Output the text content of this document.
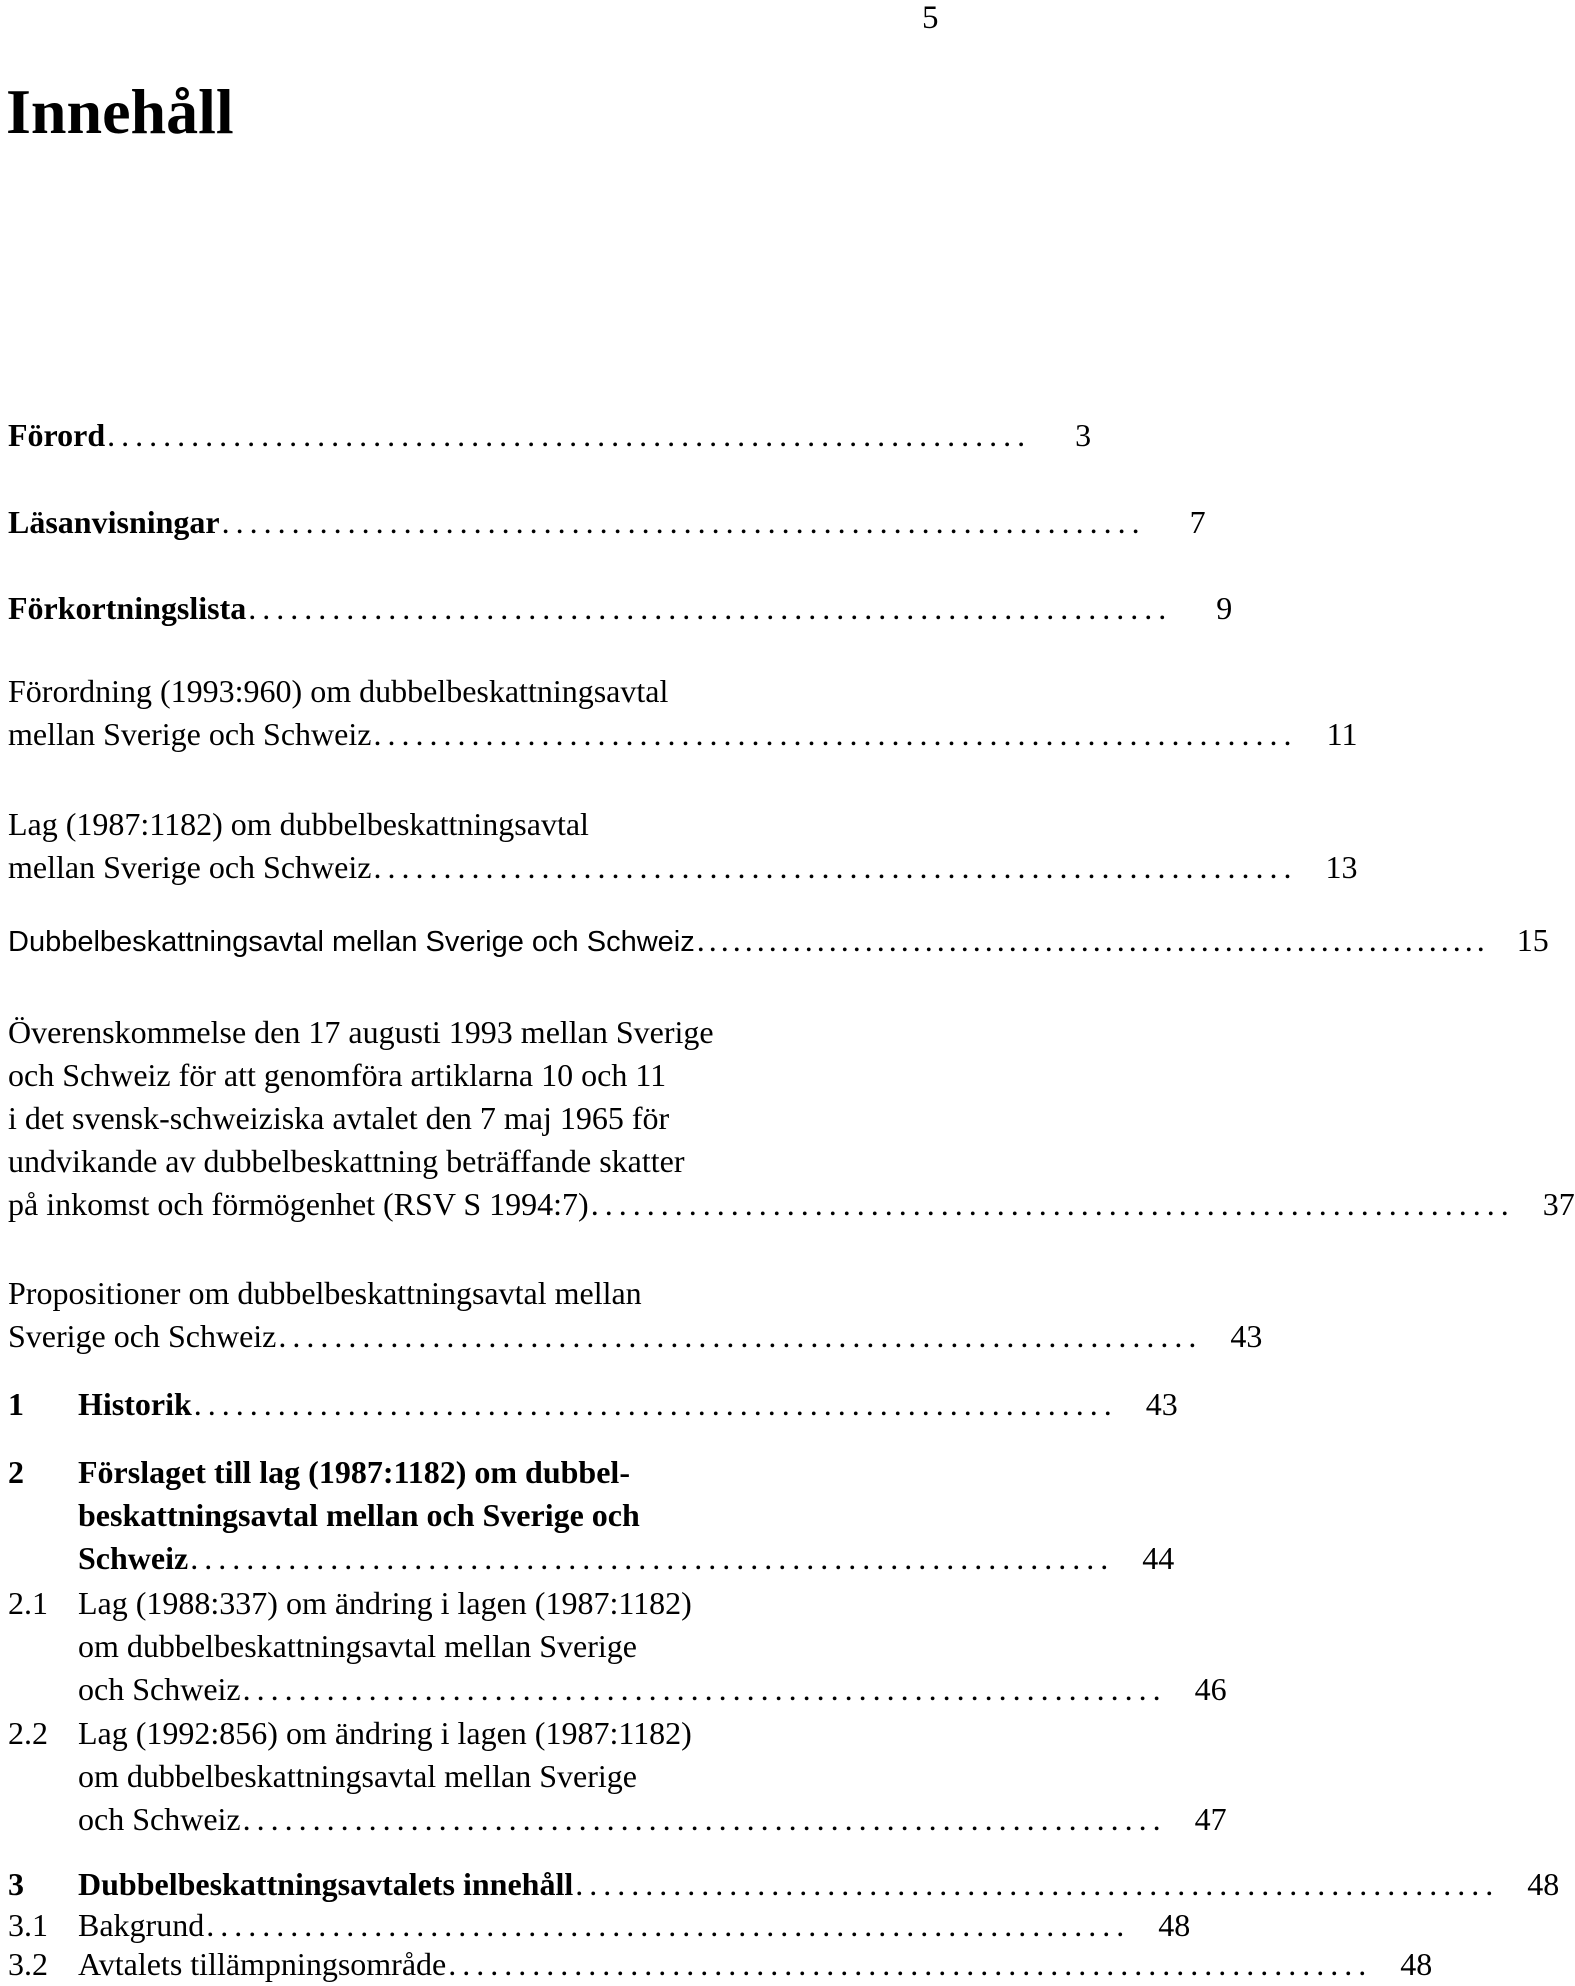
5
Innehåll
Förord ..................................................................	3
Läsanvisningar ..................................................................	7
Förkortningslista ..................................................................	9
Förordning (1993:960) om dubbelbeskattningsavtal
mellan Sverige och Schweiz .................................................................. 11
Lag (1987:1182) om dubbelbeskattningsavtal
mellan Sverige och Schweiz .................................................................. 13
Dubbelbeskattningsavtal mellan Sverige och Schweiz .................................................................. 15
Överenskommelse den 17 augusti 1993 mellan Sverige
och Schweiz för att genomföra artiklarna 10 och 11
i det svensk-schweiziska avtalet den 7 maj 1965 för
undvikande av dubbelbeskattning beträffande skatter
på inkomst och förmögenhet (RSV S 1994:7) .................................................................. 37
Propositioner om dubbelbeskattningsavtal mellan
Sverige och Schweiz .................................................................. 43
1	Historik .................................................................. 43
2	Förslaget till lag (1987:1182) om dubbel-
beskattningsavtal mellan och Sverige och
Schweiz .................................................................. 44
2.1 Lag (1988:337) om ändring i lagen (1987:1182)
om dubbelbeskattningsavtal mellan Sverige
och Schweiz .................................................................. 46
2.2 Lag (1992:856) om ändring i lagen (1987:1182)
om dubbelbeskattningsavtal mellan Sverige
och Schweiz .................................................................. 47
3	Dubbelbeskattningsavtalets innehåll .................................................................. 48
3.1 Bakgrund .................................................................. 48
3.2 Avtalets tillämpningsområde .................................................................. 48
